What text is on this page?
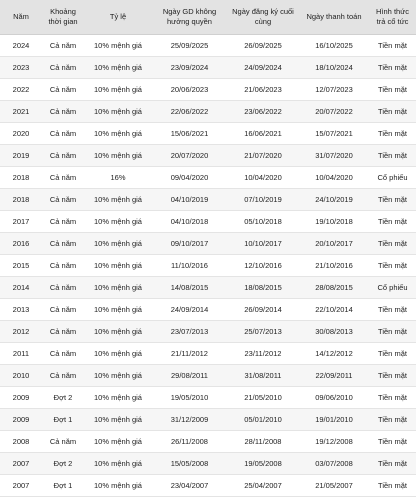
Năm	Khoảng thời gian	Tỷ lệ	Ngày GD không hưởng quyền	Ngày đăng ký cuối cùng	Ngày thanh toán	Hình thức trả cổ tức

2024	Cả năm	10% mệnh giá	25/09/2025	26/09/2025	16/10/2025	Tiền mặt
2023	Cả năm	10% mệnh giá	23/09/2024	24/09/2024	18/10/2024	Tiền mặt
2022	Cả năm	10% mệnh giá	20/06/2023	21/06/2023	12/07/2023	Tiền mặt
2021	Cả năm	10% mệnh giá	22/06/2022	23/06/2022	20/07/2022	Tiền mặt
2020	Cả năm	10% mệnh giá	15/06/2021	16/06/2021	15/07/2021	Tiền mặt
2019	Cả năm	10% mệnh giá	20/07/2020	21/07/2020	31/07/2020	Tiền mặt
2018	Cả năm	16%	09/04/2020	10/04/2020	10/04/2020	Cổ phiếu
2018	Cả năm	10% mệnh giá	04/10/2019	07/10/2019	24/10/2019	Tiền mặt
2017	Cả năm	10% mệnh giá	04/10/2018	05/10/2018	19/10/2018	Tiền mặt
2016	Cả năm	10% mệnh giá	09/10/2017	10/10/2017	20/10/2017	Tiền mặt
2015	Cả năm	10% mệnh giá	11/10/2016	12/10/2016	21/10/2016	Tiền mặt
2014	Cả năm	10% mệnh giá	14/08/2015	18/08/2015	28/08/2015	Cổ phiếu
2013	Cả năm	10% mệnh giá	24/09/2014	26/09/2014	22/10/2014	Tiền mặt
2012	Cả năm	10% mệnh giá	23/07/2013	25/07/2013	30/08/2013	Tiền mặt
2011	Cả năm	10% mệnh giá	21/11/2012	23/11/2012	14/12/2012	Tiền mặt
2010	Cả năm	10% mệnh giá	29/08/2011	31/08/2011	22/09/2011	Tiền mặt
2009	Đợt 2	10% mệnh giá	19/05/2010	21/05/2010	09/06/2010	Tiền mặt
2009	Đợt 1	10% mệnh giá	31/12/2009	05/01/2010	19/01/2010	Tiền mặt
2008	Cả năm	10% mệnh giá	26/11/2008	28/11/2008	19/12/2008	Tiền mặt
2007	Đợt 2	10% mệnh giá	15/05/2008	19/05/2008	03/07/2008	Tiền mặt
2007	Đợt 1	10% mệnh giá	23/04/2007	25/04/2007	21/05/2007	Tiền mặt
